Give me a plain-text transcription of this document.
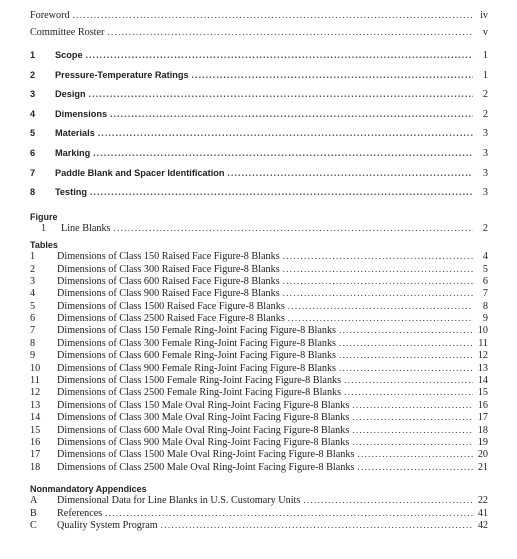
Foreword .....	iv
Committee Roster .....	v
1	Scope .....	1
2	Pressure-Temperature Ratings .....	1
3	Design .....	2
4	Dimensions .....	2
5	Materials .....	3
6	Marking .....	3
7	Paddle Blank and Spacer Identification .....	3
8	Testing .....	3
Figure
1	Line Blanks .....	2
Tables
1	Dimensions of Class 150 Raised Face Figure-8 Blanks .....	4
2	Dimensions of Class 300 Raised Face Figure-8 Blanks .....	5
3	Dimensions of Class 600 Raised Face Figure-8 Blanks .....	6
4	Dimensions of Class 900 Raised Face Figure-8 Blanks .....	7
5	Dimensions of Class 1500 Raised Face Figure-8 Blanks .....	8
6	Dimensions of Class 2500 Raised Face Figure-8 Blanks .....	9
7	Dimensions of Class 150 Female Ring-Joint Facing Figure-8 Blanks .....	10
8	Dimensions of Class 300 Female Ring-Joint Facing Figure-8 Blanks .....	11
9	Dimensions of Class 600 Female Ring-Joint Facing Figure-8 Blanks .....	12
10	Dimensions of Class 900 Female Ring-Joint Facing Figure-8 Blanks .....	13
11	Dimensions of Class 1500 Female Ring-Joint Facing Figure-8 Blanks .....	14
12	Dimensions of Class 2500 Female Ring-Joint Facing Figure-8 Blanks .....	15
13	Dimensions of Class 150 Male Oval Ring-Joint Facing Figure-8 Blanks .....	16
14	Dimensions of Class 300 Male Oval Ring-Joint Facing Figure-8 Blanks .....	17
15	Dimensions of Class 600 Male Oval Ring-Joint Facing Figure-8 Blanks .....	18
16	Dimensions of Class 900 Male Oval Ring-Joint Facing Figure-8 Blanks .....	19
17	Dimensions of Class 1500 Male Oval Ring-Joint Facing Figure-8 Blanks .....	20
18	Dimensions of Class 2500 Male Oval Ring-Joint Facing Figure-8 Blanks .....	21
Nonmandatory Appendices
A	Dimensional Data for Line Blanks in U.S. Customary Units .....	22
B	References .....	41
C	Quality System Program .....	42
